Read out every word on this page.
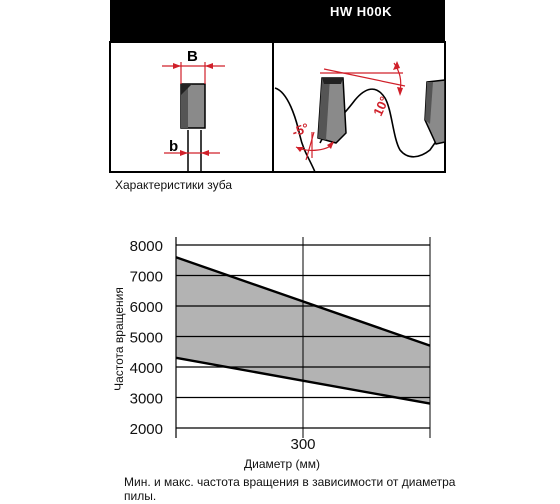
B
b
10°
-5°
HW H00K
Характеристики зуба
8000
7000
6000
5000
4000
3000
2000
300
Частота вращения
Диаметр (мм)
Мин. и макс. частота вращения в зависимости от диаметра пилы.
